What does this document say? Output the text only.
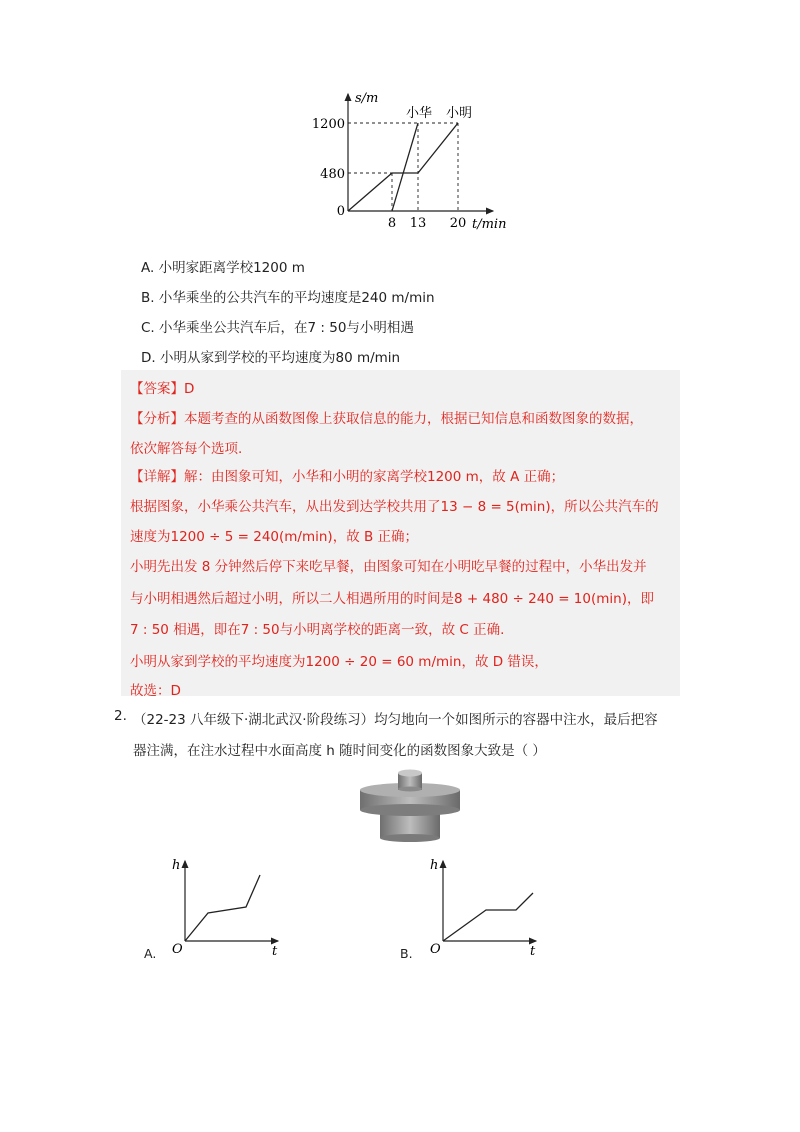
s/m
1200
480
0
8 13 20 t/min
小华 小明
A. 小明家距离学校1200 m
B. 小华乘坐的公共汽车的平均速度是240 m/min
C. 小华乘坐公共汽车后，在7 : 50与小明相遇
D. 小明从家到学校的平均速度为80 m/min
【答案】D
【分析】本题考查的从函数图像上获取信息的能力，根据已知信息和函数图象的数据，
依次解答每个选项.
【详解】解：由图象可知，小华和小明的家离学校1200 m，故 A 正确；
根据图象，小华乘公共汽车，从出发到达学校共用了13 − 8 = 5(min)，所以公共汽车的
速度为1200 ÷ 5 = 240(m/min)，故 B 正确；
小明先出发 8 分钟然后停下来吃早餐，由图象可知在小明吃早餐的过程中，小华出发并
与小明相遇然后超过小明，所以二人相遇所用的时间是8 + 480 ÷ 240 = 10(min)，即
7 : 50 相遇，即在7 : 50与小明离学校的距离一致，故 C 正确.
小明从家到学校的平均速度为1200 ÷ 20 = 60 m/min，故 D 错误，
故选：D
2. （22-23 八年级下·湖北武汉·阶段练习）均匀地向一个如图所示的容器中注水，最后把容
器注满，在注水过程中水面高度 h 随时间变化的函数图象大致是（ ）
h
O	t
A.
h
O	t
B.
